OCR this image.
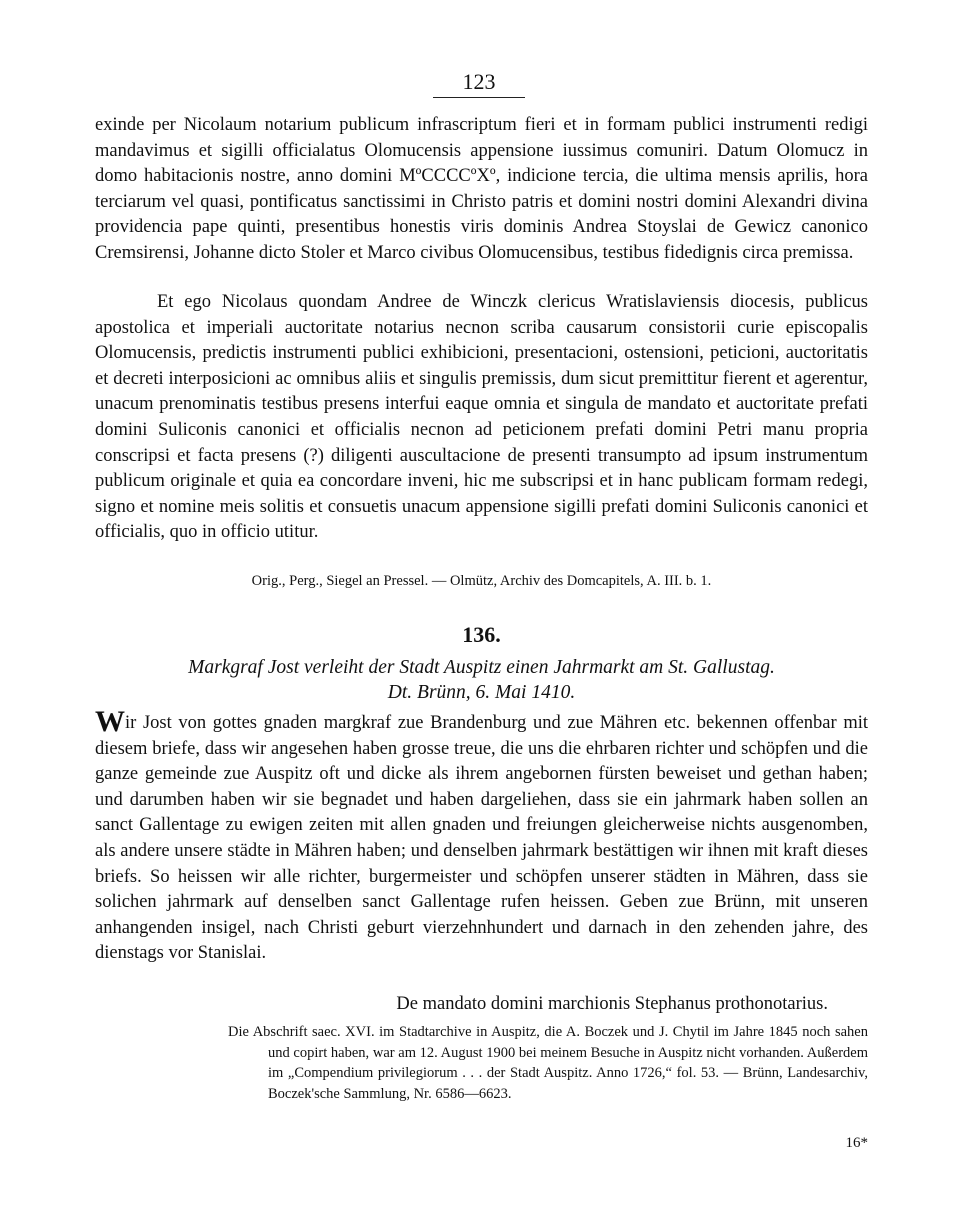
123

exinde per Nicolaum notarium publicum infrascriptum fieri et in formam publici instrumenti redigi mandavimus et sigilli officialatus Olomucensis appensione iussimus comuniri. Datum Olomucz in domo habitacionis nostre, anno domini MºCCCCºXº, indicione tercia, die ultima mensis aprilis, hora terciarum vel quasi, pontificatus sanctissimi in Christo patris et domini nostri domini Alexandri divina providencia pape quinti, presentibus honestis viris dominis Andrea Stoyslai de Gewicz canonico Cremsirensi, Johanne dicto Stoler et Marco civibus Olomucensibus, testibus fidedignis circa premissa.

Et ego Nicolaus quondam Andree de Winczk clericus Wratislaviensis diocesis, publicus apostolica et imperiali auctoritate notarius necnon scriba causarum consistorii curie episcopalis Olomucensis, predictis instrumenti publici exhibicioni, presentacioni, ostensioni, peticioni, auctoritatis et decreti interposicioni ac omnibus aliis et singulis premissis, dum sicut premittitur fierent et agerentur, unacum prenominatis testibus presens interfui eaque omnia et singula de mandato et auctoritate prefati domini Suliconis canonici et officialis necnon ad peticionem prefati domini Petri manu propria conscripsi et facta presens (?) diligenti auscultacione de presenti transumpto ad ipsum instrumentum publicum originale et quia ea concordare inveni, hic me subscripsi et in hanc publicam formam redegi, signo et nomine meis solitis et consuetis unacum appensione sigilli prefati domini Suliconis canonici et officialis, quo in officio utitur.

Orig., Perg., Siegel an Pressel. — Olmütz, Archiv des Domcapitels, A. III. b. 1.
136.
Markgraf Jost verleiht der Stadt Auspitz einen Jahrmarkt am St. Gallustag.
Dt. Brünn, 6. Mai 1410.

Wir Jost von gottes gnaden margkraf zue Brandenburg und zue Mähren etc. bekennen offenbar mit diesem briefe, dass wir angesehen haben grosse treue, die uns die ehrbaren richter und schöpfen und die ganze gemeinde zue Auspitz oft und dicke als ihrem angebornen fürsten beweiset und gethan haben; und darumben haben wir sie begnadet und haben dargeliehen, dass sie ein jahrmark haben sollen an sanct Gallentage zu ewigen zeiten mit allen gnaden und freiungen gleicherweise nichts ausgenomben, als andere unsere städte in Mähren haben; und denselben jahrmark bestättigen wir ihnen mit kraft dieses briefs. So heissen wir alle richter, burgermeister und schöpfen unserer städten in Mähren, dass sie solichen jahrmark auf denselben sanct Gallentage rufen heissen. Geben zue Brünn, mit unseren anhangenden insigel, nach Christi geburt vierzehnhundert und darnach in den zehenden jahre, des dienstags vor Stanislai.

De mandato domini marchionis Stephanus prothonotarius.

Die Abschrift saec. XVI. im Stadtarchive in Auspitz, die A. Boczek und J. Chytil im Jahre 1845 noch sahen und copirt haben, war am 12. August 1900 bei meinem Besuche in Auspitz nicht vorhanden. Außerdem im „Compendium privilegiorum . . . der Stadt Auspitz. Anno 1726,“ fol. 53. — Brünn, Landesarchiv, Boczek'sche Sammlung, Nr. 6586—6623.

16*
